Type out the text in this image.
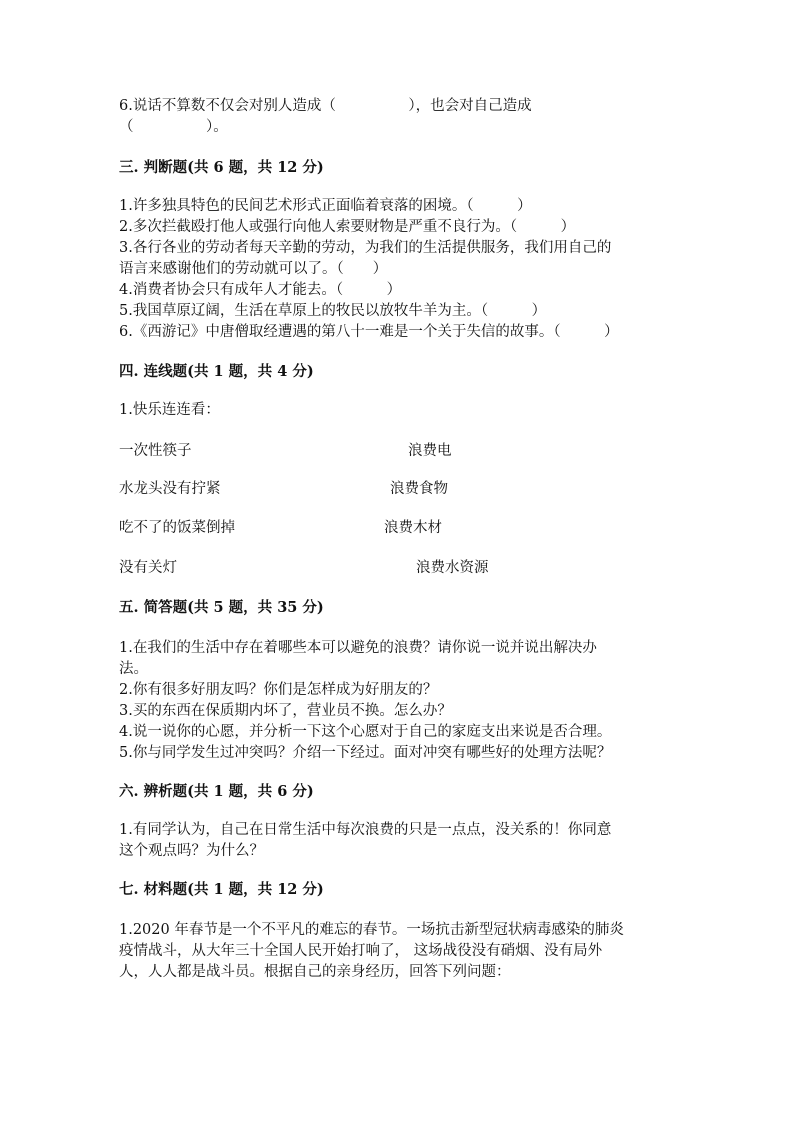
6.说话不算数不仅会对别人造成（　　　　　），也会对自己造成
（　　　　　）。
三. 判断题(共 6 题，共 12 分)
1.许多独具特色的民间艺术形式正面临着衰落的困境。（　　　）
2.多次拦截殴打他人或强行向他人索要财物是严重不良行为。（　　　）
3.各行各业的劳动者每天辛勤的劳动，为我们的生活提供服务，我们用自己的
语言来感谢他们的劳动就可以了。（　　）
4.消费者协会只有成年人才能去。（　　　）
5.我国草原辽阔，生活在草原上的牧民以放牧牛羊为主。（　　　）
6.《西游记》中唐僧取经遭遇的第八十一难是一个关于失信的故事。（　　　）
四. 连线题(共 1 题，共 4 分)
1.快乐连连看：
一次性筷子	浪费电
水龙头没有拧紧	浪费食物
吃不了的饭菜倒掉	浪费木材
没有关灯	浪费水资源
五. 简答题(共 5 题，共 35 分)
1.在我们的生活中存在着哪些本可以避免的浪费？请你说一说并说出解决办
法。
2.你有很多好朋友吗？你们是怎样成为好朋友的？
3.买的东西在保质期内坏了，营业员不换。怎么办？
4.说一说你的心愿，并分析一下这个心愿对于自己的家庭支出来说是否合理。
5.你与同学发生过冲突吗？介绍一下经过。面对冲突有哪些好的处理方法呢？
六. 辨析题(共 1 题，共 6 分)
1.有同学认为，自己在日常生活中每次浪费的只是一点点，没关系的！你同意
这个观点吗？为什么？
七. 材料题(共 1 题，共 12 分)
1.2020 年春节是一个不平凡的难忘的春节。一场抗击新型冠状病毒感染的肺炎
疫情战斗，从大年三十全国人民开始打响了， 这场战役没有硝烟、没有局外
人，人人都是战斗员。根据自己的亲身经历，回答下列问题：
